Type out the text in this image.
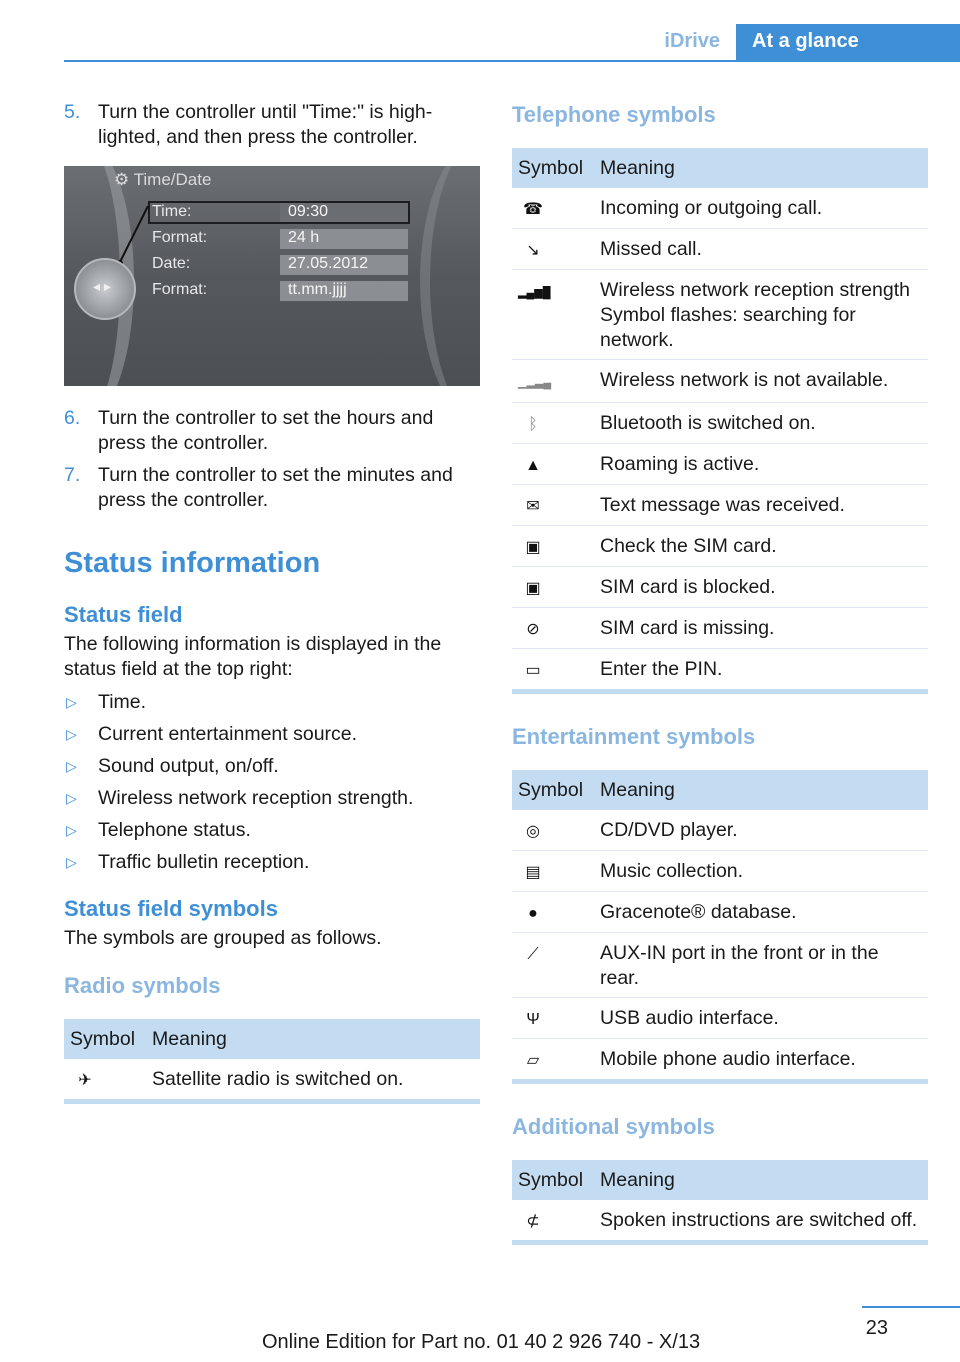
iDrive	At a glance
5. Turn the controller until "Time:" is high-lighted, and then press the controller.
⚙ Time/Date
Time:	09:30
Format:	24 h
Date:	27.05.2012
Format:	tt.mm.jjjj
◂ ▸
6. Turn the controller to set the hours and press the controller.
7. Turn the controller to set the minutes and press the controller.
Status information
Status field

The following information is displayed in the status field at the top right:

▷	Time.
▷	Current entertainment source.
▷	Sound output, on/off.
▷	Wireless network reception strength.
▷	Telephone status.
▷	Traffic bulletin reception.
Status field symbols

The symbols are grouped as follows.

Radio symbols
Symbol	Meaning
✈	Satellite radio is switched on.
Telephone symbols
Symbol	Meaning
☎	Incoming or outgoing call.
↘	Missed call.
▂▄▆█	Wireless network reception strength Symbol flashes: searching for network.
▁▂▃▄	Wireless network is not available.
ᛒ	Bluetooth is switched on.
▲	Roaming is active.
✉	Text message was received.
▣	Check the SIM card.
▣	SIM card is blocked.
⊘	SIM card is missing.
▭	Enter the PIN.
Entertainment symbols
Symbol	Meaning
◎	CD/DVD player.
▤	Music collection.
●	Gracenote® database.
⟋	AUX-IN port in the front or in the rear.
Ψ	USB audio interface.
▱	Mobile phone audio interface.
Additional symbols
Symbol	Meaning
⊄	Spoken instructions are switched off.
23
Online Edition for Part no. 01 40 2 926 740 - X/13
